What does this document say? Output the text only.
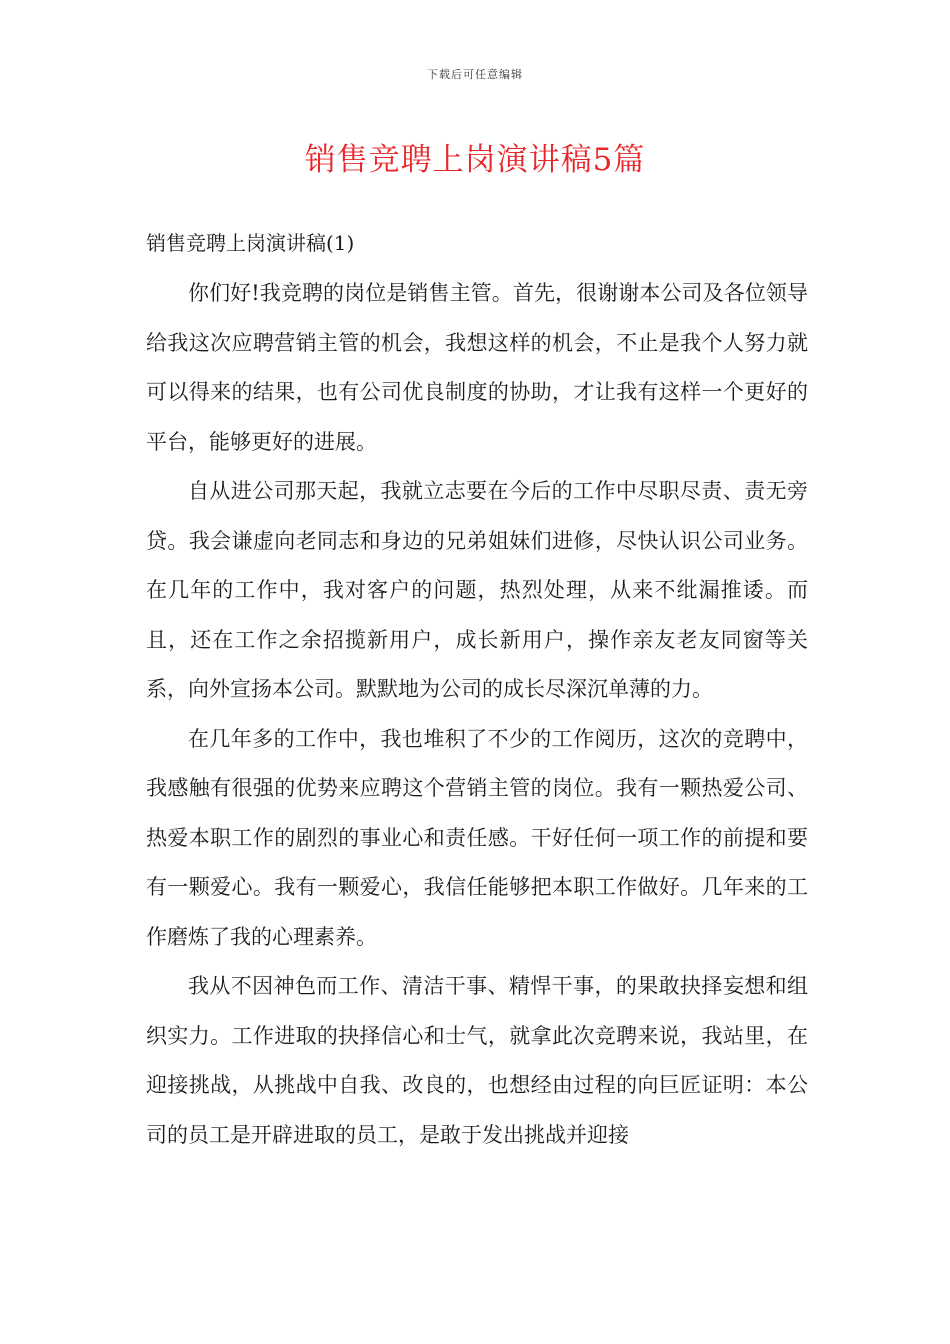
下载后可任意编辑
销售竞聘上岗演讲稿5篇
销售竞聘上岗演讲稿(1)

你们好!我竞聘的岗位是销售主管。首先，很谢谢本公司及各位领导给我这次应聘营销主管的机会，我想这样的机会，不止是我个人努力就可以得来的结果，也有公司优良制度的协助，才让我有这样一个更好的平台，能够更好的进展。

自从进公司那天起，我就立志要在今后的工作中尽职尽责、责无旁贷。我会谦虚向老同志和身边的兄弟姐妹们进修，尽快认识公司业务。在几年的工作中，我对客户的问题，热烈处理，从来不纰漏推诿。而且，还在工作之余招揽新用户，成长新用户，操作亲友老友同窗等关系，向外宣扬本公司。默默地为公司的成长尽深沉单薄的力。

在几年多的工作中，我也堆积了不少的工作阅历，这次的竞聘中，我感触有很强的优势来应聘这个营销主管的岗位。我有一颗热爱公司、热爱本职工作的剧烈的事业心和责任感。干好任何一项工作的前提和要有一颗爱心。我有一颗爱心，我信任能够把本职工作做好。几年来的工作磨炼了我的心理素养。

我从不因神色而工作、清洁干事、精悍干事，的果敢抉择妄想和组织实力。工作进取的抉择信心和士气，就拿此次竞聘来说，我站里，在迎接挑战，从挑战中自我、改良的，也想经由过程的向巨匠证明：本公司的员工是开辟进取的员工，是敢于发出挑战并迎接
